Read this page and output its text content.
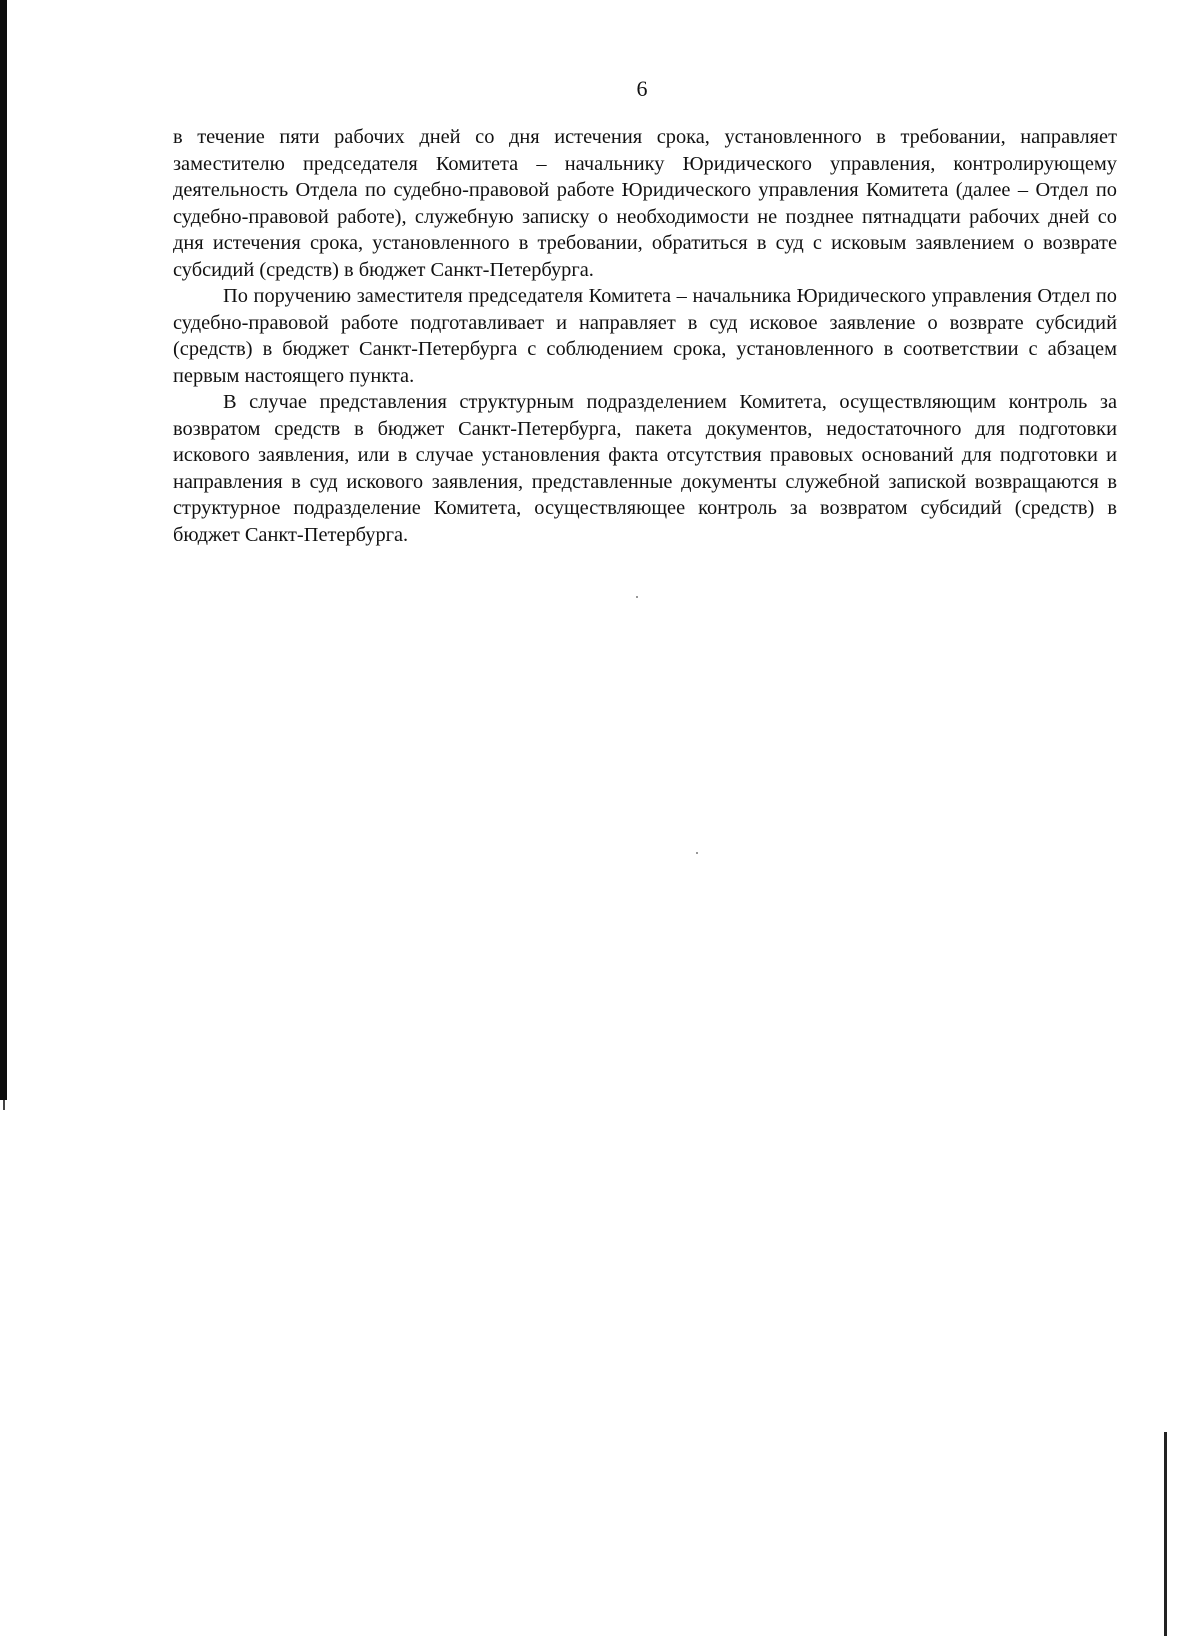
6

в течение пяти рабочих дней со дня истечения срока, установленного в требовании, направляет заместителю председателя Комитета – начальнику Юридического управления, контролирующему деятельность Отдела по судебно-правовой работе Юридического управления Комитета (далее – Отдел по судебно-правовой работе), служебную записку о необходимости не позднее пятнадцати рабочих дней со дня истечения срока, установленного в требовании, обратиться в суд с исковым заявлением о возврате субсидий (средств) в бюджет Санкт-Петербурга.

По поручению заместителя председателя Комитета – начальника Юридического управления Отдел по судебно-правовой работе подготавливает и направляет в суд исковое заявление о возврате субсидий (средств) в бюджет Санкт-Петербурга с соблюдением срока, установленного в соответствии с абзацем первым настоящего пункта.

В случае представления структурным подразделением Комитета, осуществляющим контроль за возвратом средств в бюджет Санкт-Петербурга, пакета документов, недостаточного для подготовки искового заявления, или в случае установления факта отсутствия правовых оснований для подготовки и направления в суд искового заявления, представленные документы служебной запиской возвращаются в структурное подразделение Комитета, осуществляющее контроль за возвратом субсидий (средств) в бюджет Санкт-Петербурга.
